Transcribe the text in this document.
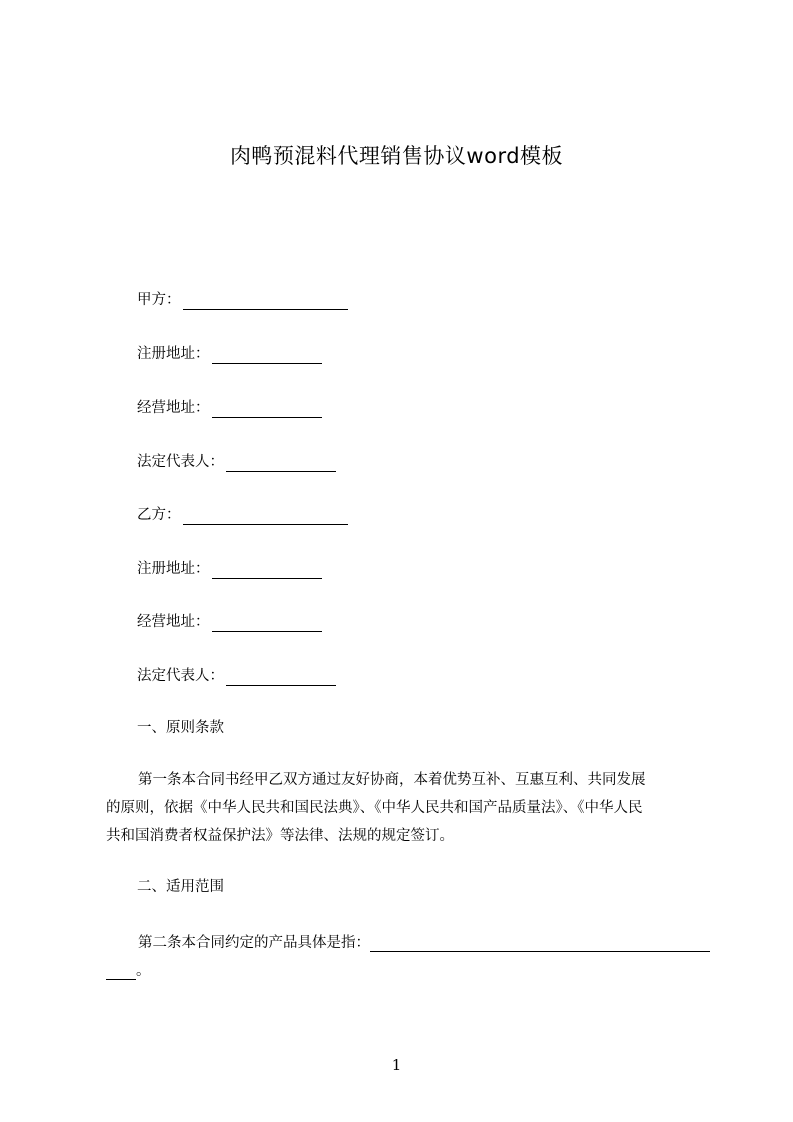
肉鸭预混料代理销售协议word模板
甲方：
注册地址：
经营地址：
法定代表人：
乙方：
注册地址：
经营地址：
法定代表人：
一、原则条款
第一条本合同书经甲乙双方通过友好协商，本着优势互补、互惠互利、共同发展
的原则，依据《中华人民共和国民法典》、《中华人民共和国产品质量法》、《中华人民
共和国消费者权益保护法》等法律、法规的规定签订。
二、适用范围
第二条本合同约定的产品具体是指：
。
1
